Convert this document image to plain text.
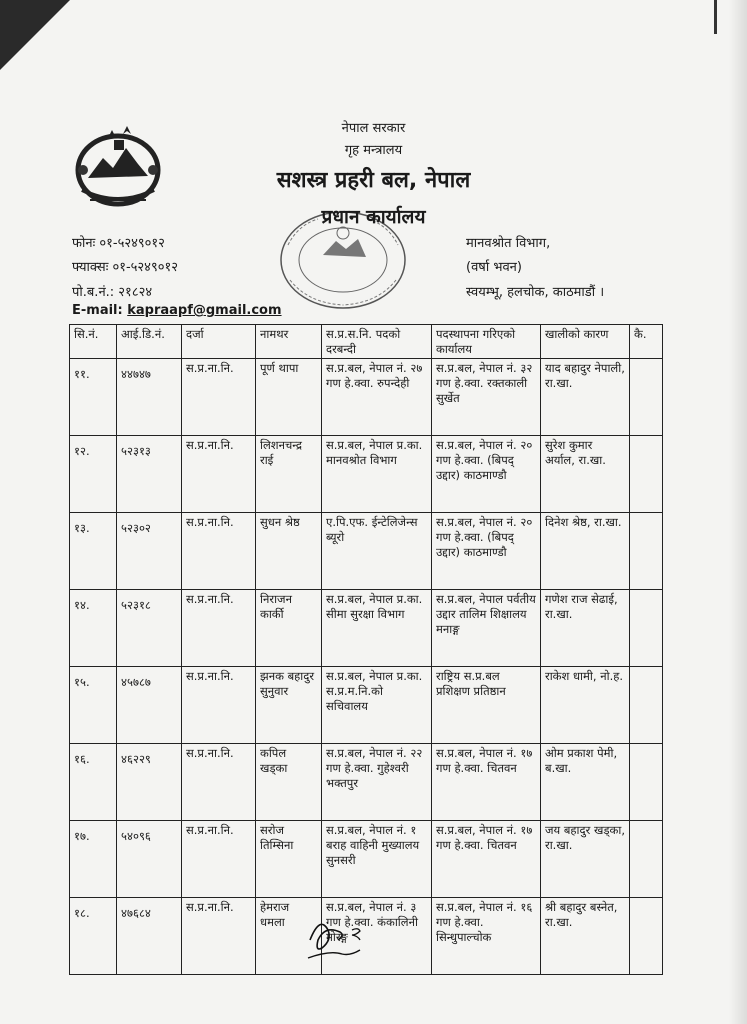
नेपाल सरकार
गृह मन्त्रालय
सशस्त्र प्रहरी बल, नेपाल
प्रधान कार्यालय
फोनः ०१-५२४९०१२
फ्याक्सः ०१-५२४९०१२
पो.ब.नं.: २१८२४
E-mail: kapraapf@gmail.com
मानवश्रोत विभाग,
(वर्षा भवन)
स्वयम्भू, हलचोक, काठमाडौं ।
सि.नं.	आई.डि.नं.	दर्जा	नामथर	स.प्र.स.नि. पदको दरबन्दी	पदस्थापना गरिएको कार्यालय	खालीको कारण	कै.
११.	४४७४७	स.प्र.ना.नि.	पूर्ण थापा	स.प्र.बल, नेपाल नं. २७ गण हे.क्वा. रुपन्देही	स.प्र.बल, नेपाल नं. ३२ गण हे.क्वा. रक्तकाली सुर्खेत	याद बहादुर नेपाली, रा.खा.	
१२.	५२३१३	स.प्र.ना.नि.	लिशनचन्द्र राई	स.प्र.बल, नेपाल प्र.का. मानवश्रोत विभाग	स.प्र.बल, नेपाल नं. २० गण हे.क्वा. (बिपद् उद्दार) काठमाण्डौ	सुरेश कुमार अर्याल, रा.खा.	
१३.	५२३०२	स.प्र.ना.नि.	सुधन श्रेष्ठ	ए.पि.एफ. ईन्टेलिजेन्स ब्यूरो	स.प्र.बल, नेपाल नं. २० गण हे.क्वा. (बिपद् उद्दार) काठमाण्डौ	दिनेश श्रेष्ठ, रा.खा.	
१४.	५२३१८	स.प्र.ना.नि.	निराजन कार्की	स.प्र.बल, नेपाल प्र.का. सीमा सुरक्षा विभाग	स.प्र.बल, नेपाल पर्वतीय उद्दार तालिम शिक्षालय मनाङ्ग	गणेश राज सेढाई, रा.खा.	
१५.	४५७८७	स.प्र.ना.नि.	झनक बहादुर सुनुवार	स.प्र.बल, नेपाल प्र.का. स.प्र.म.नि.को सचिवालय	राष्ट्रिय स.प्र.बल प्रशिक्षण प्रतिष्ठान	राकेश धामी, नो.ह.	
१६.	४६२२९	स.प्र.ना.नि.	कपिल खड्का	स.प्र.बल, नेपाल नं. २२ गण हे.क्वा. गुहेश्वरी भक्तपुर	स.प्र.बल, नेपाल नं. १७ गण हे.क्वा. चितवन	ओम प्रकाश पेमी, ब.खा.	
१७.	५४०९६	स.प्र.ना.नि.	सरोज तिम्सिना	स.प्र.बल, नेपाल नं. १ बराह वाहिनी मुख्यालय सुनसरी	स.प्र.बल, नेपाल नं. १७ गण हे.क्वा. चितवन	जय बहादुर खड्का, रा.खा.	
१८.	४७६८४	स.प्र.ना.नि.	हेमराज धमला	स.प्र.बल, नेपाल नं. ३ गण हे.क्वा. कंकालिनी मोरङ्ग	स.प्र.बल, नेपाल नं. १६ गण हे.क्वा. सिन्धुपाल्चोक	श्री बहादुर बस्नेत, रा.खा.	
